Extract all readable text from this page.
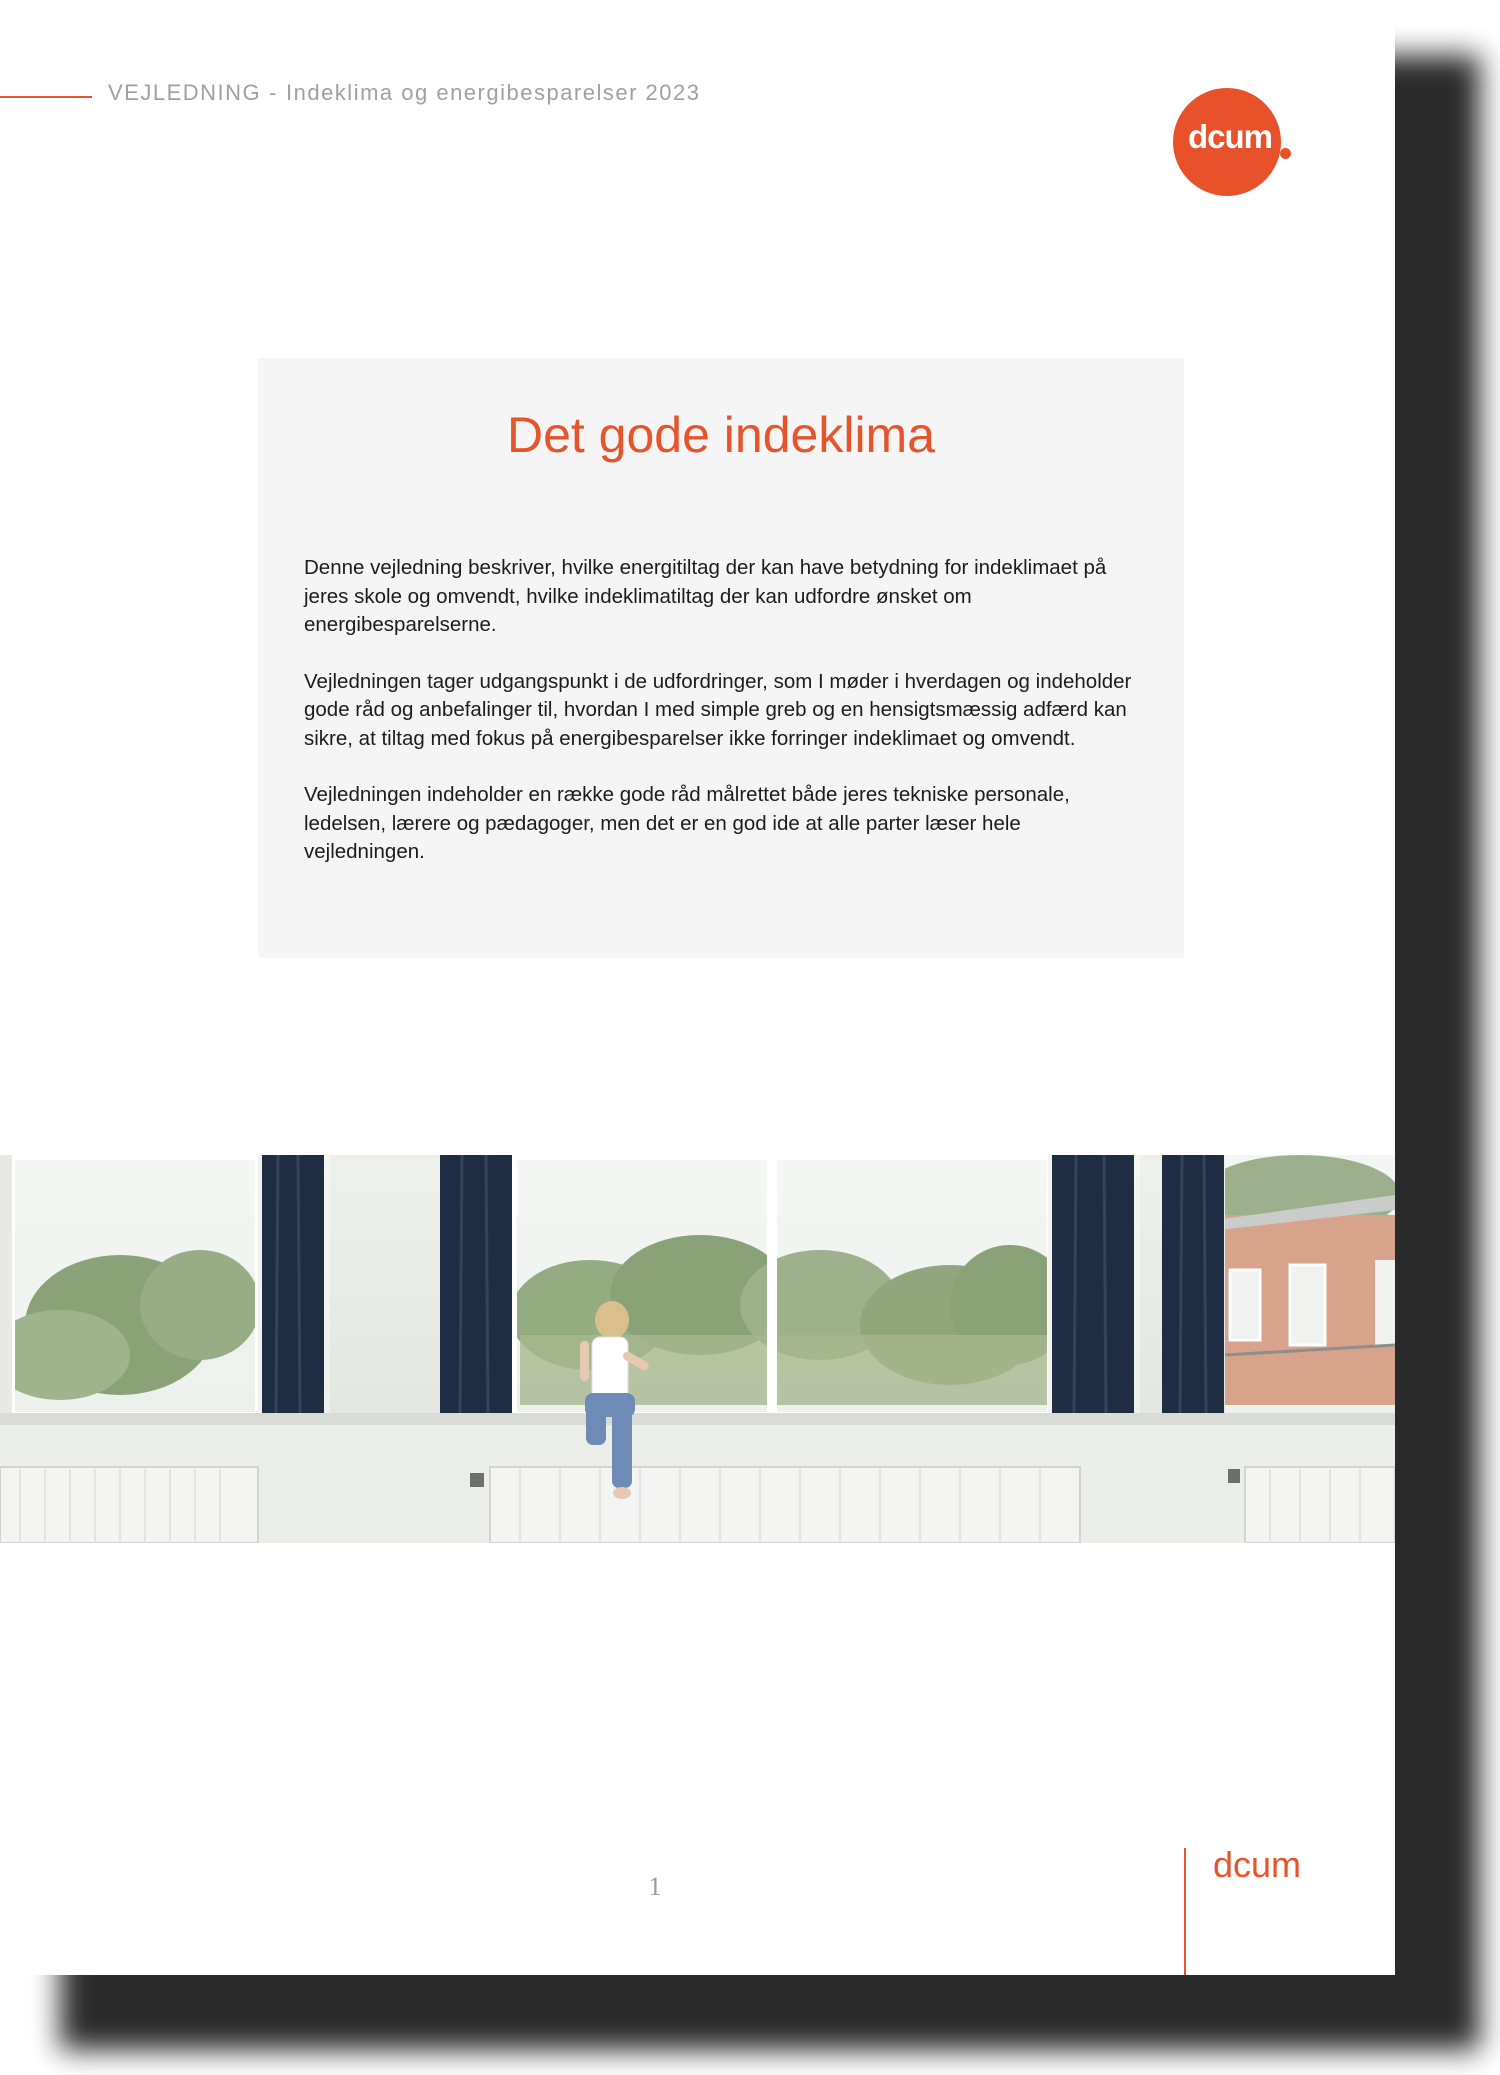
VEJLEDNING - Indeklima og energibesparelser 2023
dcum
Det gode indeklima

Denne vejledning beskriver, hvilke energitiltag der kan have betydning for indeklimaet på jeres skole og omvendt, hvilke indeklimatiltag der kan udfordre ønsket om energibesparelserne.

Vejledningen tager udgangspunkt i de udfordringer, som I møder i hverdagen og indeholder gode råd og anbefalinger til, hvordan I med simple greb og en hensigtsmæssig adfærd kan sikre, at tiltag med fokus på energibesparelser ikke forringer indeklimaet og omvendt.

Vejledningen indeholder en række gode råd målrettet både jeres tekniske personale, ledelsen, lærere og pædagoger, men det er en god ide at alle parter læser hele vejledningen.

1
dcum
